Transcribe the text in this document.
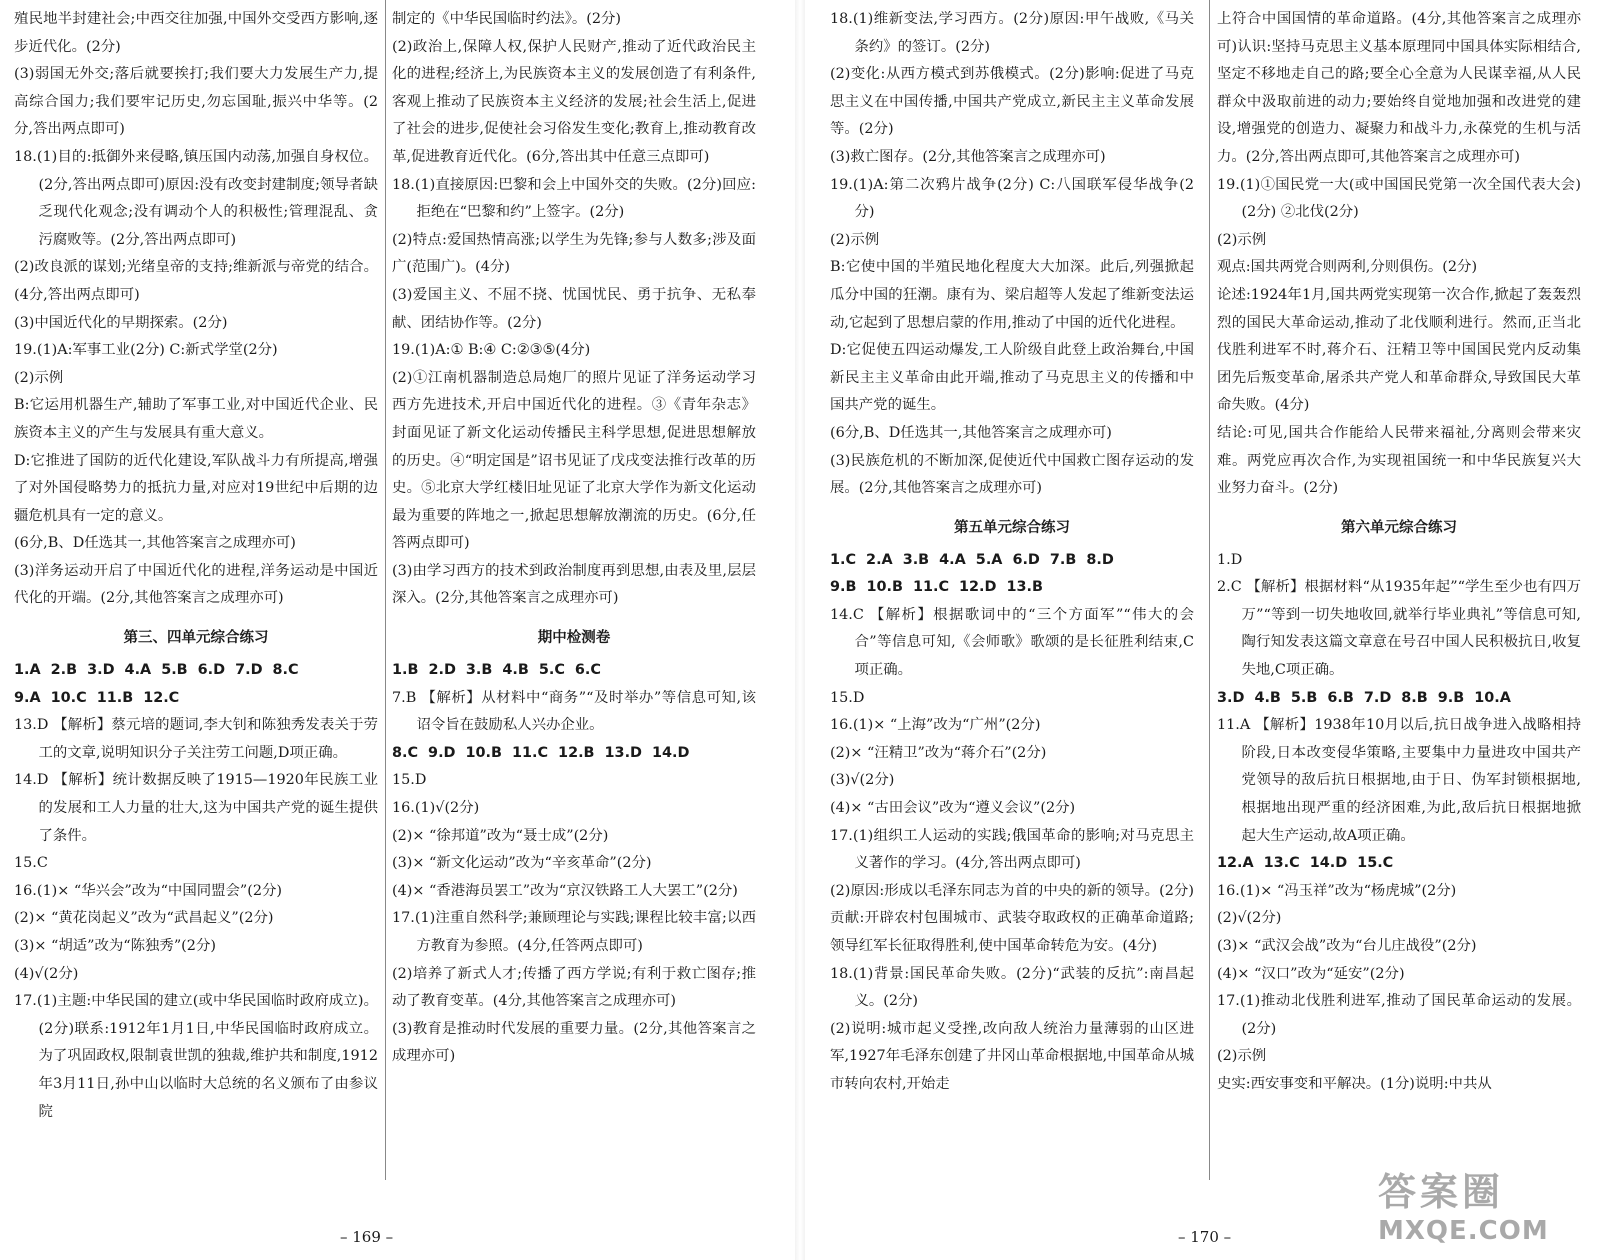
殖民地半封建社会;中西交往加强,中国外交受西方影响,逐步近代化。(2分)

(3)弱国无外交;落后就要挨打;我们要大力发展生产力,提高综合国力;我们要牢记历史,勿忘国耻,振兴中华等。(2分,答出两点即可)

18.(1)目的:抵御外来侵略,镇压国内动荡,加强自身权位。(2分,答出两点即可)原因:没有改变封建制度;领导者缺乏现代化观念;没有调动个人的积极性;管理混乱、贪污腐败等。(2分,答出两点即可)

(2)改良派的谋划;光绪皇帝的支持;维新派与帝党的结合。(4分,答出两点即可)

(3)中国近代化的早期探索。(2分)

19.(1)A:军事工业(2分) C:新式学堂(2分)

(2)示例

B:它运用机器生产,辅助了军事工业,对中国近代企业、民族资本主义的产生与发展具有重大意义。

D:它推进了国防的近代化建设,军队战斗力有所提高,增强了对外国侵略势力的抵抗力量,对应对19世纪中后期的边疆危机具有一定的意义。

(6分,B、D任选其一,其他答案言之成理亦可)

(3)洋务运动开启了中国近代化的进程,洋务运动是中国近代化的开端。(2分,其他答案言之成理亦可)

第三、四单元综合练习

1.A  2.B  3.D  4.A  5.B  6.D  7.D  8.C

9.A  10.C  11.B  12.C

13.D 【解析】蔡元培的题词,李大钊和陈独秀发表关于劳工的文章,说明知识分子关注劳工问题,D项正确。

14.D 【解析】统计数据反映了1915—1920年民族工业的发展和工人力量的壮大,这为中国共产党的诞生提供了条件。

15.C

16.(1)× “华兴会”改为“中国同盟会”(2分)

(2)× “黄花岗起义”改为“武昌起义”(2分)

(3)× “胡适”改为“陈独秀”(2分)

(4)√(2分)

17.(1)主题:中华民国的建立(或中华民国临时政府成立)。(2分)联系:1912年1月1日,中华民国临时政府成立。为了巩固政权,限制袁世凯的独裁,维护共和制度,1912年3月11日,孙中山以临时大总统的名义颁布了由参议院

制定的《中华民国临时约法》。(2分)

(2)政治上,保障人权,保护人民财产,推动了近代政治民主化的进程;经济上,为民族资本主义的发展创造了有利条件,客观上推动了民族资本主义经济的发展;社会生活上,促进了社会的进步,促使社会习俗发生变化;教育上,推动教育改革,促进教育近代化。(6分,答出其中任意三点即可)

18.(1)直接原因:巴黎和会上中国外交的失败。(2分)回应:拒绝在“巴黎和约”上签字。(2分)

(2)特点:爱国热情高涨;以学生为先锋;参与人数多;涉及面广(范围广)。(4分)

(3)爱国主义、不屈不挠、忧国忧民、勇于抗争、无私奉献、团结协作等。(2分)

19.(1)A:① B:④ C:②③⑤(4分)

(2)①江南机器制造总局炮厂的照片见证了洋务运动学习西方先进技术,开启中国近代化的进程。③《青年杂志》封面见证了新文化运动传播民主科学思想,促进思想解放的历史。④“明定国是”诏书见证了戊戌变法推行改革的历史。⑤北京大学红楼旧址见证了北京大学作为新文化运动最为重要的阵地之一,掀起思想解放潮流的历史。(6分,任答两点即可)

(3)由学习西方的技术到政治制度再到思想,由表及里,层层深入。(2分,其他答案言之成理亦可)

期中检测卷

1.B  2.D  3.B  4.B  5.C  6.C

7.B 【解析】从材料中“商务”“及时举办”等信息可知,该诏令旨在鼓励私人兴办企业。

8.C  9.D  10.B  11.C  12.B  13.D  14.D

15.D

16.(1)√(2分)

(2)× “徐邦道”改为“聂士成”(2分)

(3)× “新文化运动”改为“辛亥革命”(2分)

(4)× “香港海员罢工”改为“京汉铁路工人大罢工”(2分)

17.(1)注重自然科学;兼顾理论与实践;课程比较丰富;以西方教育为参照。(4分,任答两点即可)

(2)培养了新式人才;传播了西方学说;有利于救亡图存;推动了教育变革。(4分,其他答案言之成理亦可)

(3)教育是推动时代发展的重要力量。(2分,其他答案言之成理亦可)

– 169 –

18.(1)维新变法,学习西方。(2分)原因:甲午战败,《马关条约》的签订。(2分)

(2)变化:从西方模式到苏俄模式。(2分)影响:促进了马克思主义在中国传播,中国共产党成立,新民主主义革命发展等。(2分)

(3)救亡图存。(2分,其他答案言之成理亦可)

19.(1)A:第二次鸦片战争(2分) C:八国联军侵华战争(2分)

(2)示例

B:它使中国的半殖民地化程度大大加深。此后,列强掀起瓜分中国的狂潮。康有为、梁启超等人发起了维新变法运动,它起到了思想启蒙的作用,推动了中国的近代化进程。

D:它促使五四运动爆发,工人阶级自此登上政治舞台,中国新民主主义革命由此开端,推动了马克思主义的传播和中国共产党的诞生。

(6分,B、D任选其一,其他答案言之成理亦可)

(3)民族危机的不断加深,促使近代中国救亡图存运动的发展。(2分,其他答案言之成理亦可)

第五单元综合练习

1.C  2.A  3.B  4.A  5.A  6.D  7.B  8.D

9.B  10.B  11.C  12.D  13.B

14.C 【解析】根据歌词中的“三个方面军”“伟大的会合”等信息可知,《会师歌》歌颂的是长征胜利结束,C项正确。

15.D

16.(1)× “上海”改为“广州”(2分)

(2)× “汪精卫”改为“蒋介石”(2分)

(3)√(2分)

(4)× “古田会议”改为“遵义会议”(2分)

17.(1)组织工人运动的实践;俄国革命的影响;对马克思主义著作的学习。(4分,答出两点即可)

(2)原因:形成以毛泽东同志为首的中央的新的领导。(2分)贡献:开辟农村包围城市、武装夺取政权的正确革命道路;领导红军长征取得胜利,使中国革命转危为安。(4分)

18.(1)背景:国民革命失败。(2分)“武装的反抗”:南昌起义。(2分)

(2)说明:城市起义受挫,改向敌人统治力量薄弱的山区进军,1927年毛泽东创建了井冈山革命根据地,中国革命从城市转向农村,开始走

上符合中国国情的革命道路。(4分,其他答案言之成理亦可)认识:坚持马克思主义基本原理同中国具体实际相结合,坚定不移地走自己的路;要全心全意为人民谋幸福,从人民群众中汲取前进的动力;要始终自觉地加强和改进党的建设,增强党的创造力、凝聚力和战斗力,永葆党的生机与活力。(2分,答出两点即可,其他答案言之成理亦可)

19.(1)①国民党一大(或中国国民党第一次全国代表大会)(2分) ②北伐(2分)

(2)示例

观点:国共两党合则两利,分则俱伤。(2分)

论述:1924年1月,国共两党实现第一次合作,掀起了轰轰烈烈的国民大革命运动,推动了北伐顺利进行。然而,正当北伐胜利进军不时,蒋介石、汪精卫等中国国民党内反动集团先后叛变革命,屠杀共产党人和革命群众,导致国民大革命失败。(4分)

结论:可见,国共合作能给人民带来福祉,分离则会带来灾难。两党应再次合作,为实现祖国统一和中华民族复兴大业努力奋斗。(2分)

第六单元综合练习

1.D

2.C 【解析】根据材料“从1935年起”“学生至少也有四万万”“等到一切失地收回,就举行毕业典礼”等信息可知,陶行知发表这篇文章意在号召中国人民积极抗日,收复失地,C项正确。

3.D  4.B  5.B  6.B  7.D  8.B  9.B  10.A

11.A 【解析】1938年10月以后,抗日战争进入战略相持阶段,日本改变侵华策略,主要集中力量进攻中国共产党领导的敌后抗日根据地,由于日、伪军封锁根据地,根据地出现严重的经济困难,为此,敌后抗日根据地掀起大生产运动,故A项正确。

12.A  13.C  14.D  15.C

16.(1)× “冯玉祥”改为“杨虎城”(2分)

(2)√(2分)

(3)× “武汉会战”改为“台儿庄战役”(2分)

(4)× “汉口”改为“延安”(2分)

17.(1)推动北伐胜利进军,推动了国民革命运动的发展。(2分)

(2)示例

史实:西安事变和平解决。(1分)说明:中共从

– 170 –
答案圈
MXQE.COM
